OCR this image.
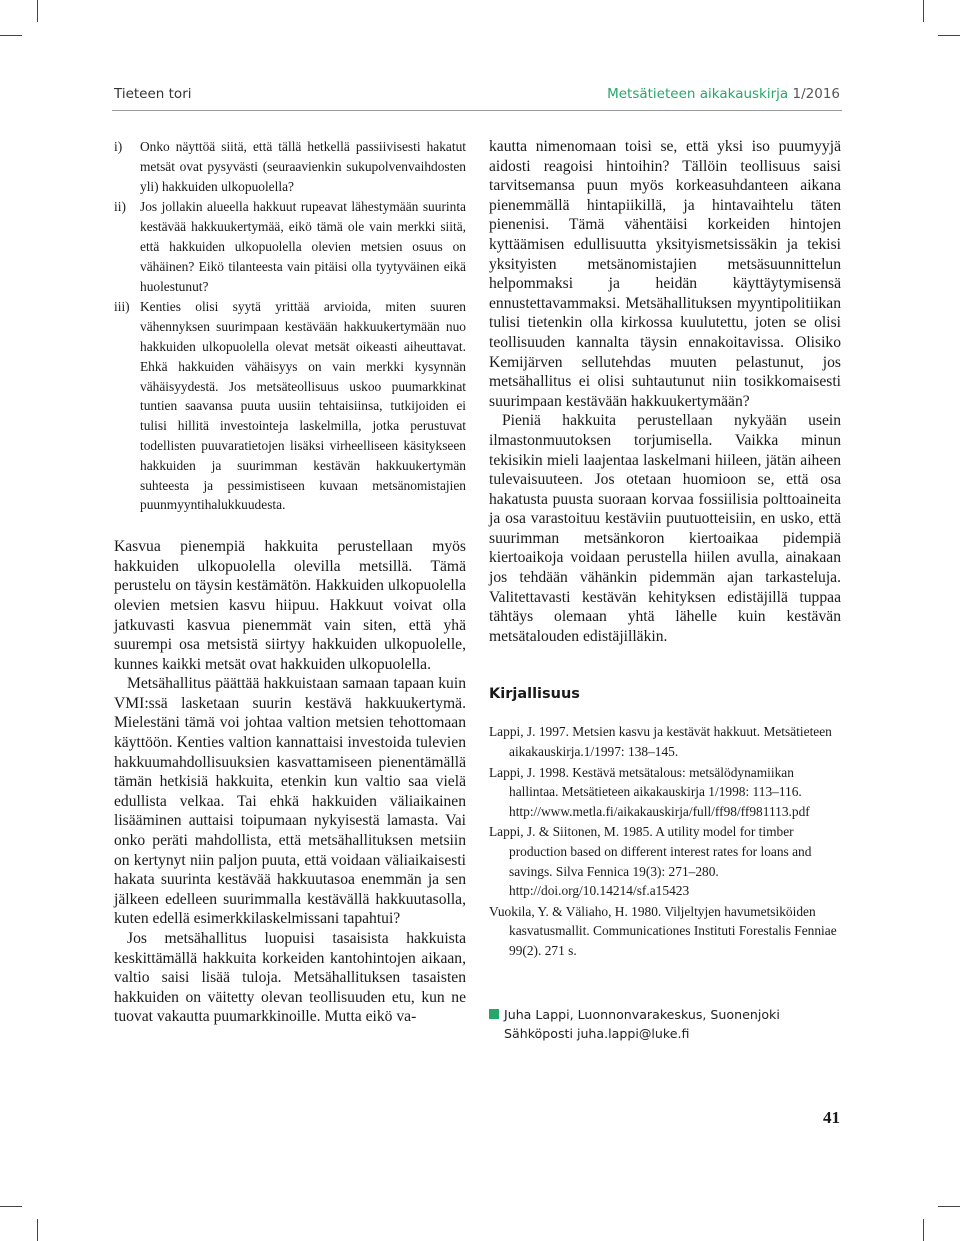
Tieteen tori	Metsätieteen aikakauskirja 1/2016
i) Onko näyttöä siitä, että tällä hetkellä passiivisesti hakatut metsät ovat pysyvästi (seuraavienkin sukupolvenvaihdosten yli) hakkuiden ulkopuolella?
ii) Jos jollakin alueella hakkuut rupeavat lähestymään suurinta kestävää hakkuukertymää, eikö tämä ole vain merkki siitä, että hakkuiden ulkopuolella olevien metsien osuus on vähäinen? Eikö tilanteesta vain pitäisi olla tyytyväinen eikä huolestunut?
iii) Kenties olisi syytä yrittää arvioida, miten suuren vähennyksen suurimpaan kestävään hakkuukertymään nuo hakkuiden ulkopuolella olevat metsät oikeasti aiheuttavat. Ehkä hakkuiden vähäisyys on vain merkki kysynnän vähäisyydestä. Jos metsäteollisuus uskoo puumarkkinat tuntien saavansa puuta uusiin tehtaisiinsa, tutkijoiden ei tulisi hillitä investointeja laskelmilla, jotka perustuvat todellisten puuvaratietojen lisäksi virheelliseen käsitykseen hakkuiden ja suurimman kestävän hakkuukertymän suhteesta ja pessimistiseen kuvaan metsänomistajien puunmyyntihalukkuudesta.

Kasvua pienempiä hakkuita perustellaan myös hakkuiden ulkopuolella olevilla metsillä. Tämä perustelu on täysin kestämätön. Hakkuiden ulkopuolella olevien metsien kasvu hiipuu. Hakkuut voivat olla jatkuvasti kasvua pienemmät vain siten, että yhä suurempi osa metsistä siirtyy hakkuiden ulkopuolelle, kunnes kaikki metsät ovat hakkuiden ulkopuolella.

Metsähallitus päättää hakkuistaan samaan tapaan kuin VMI:ssä lasketaan suurin kestävä hakkuukertymä. Mielestäni tämä voi johtaa valtion metsien tehottomaan käyttöön. Kenties valtion kannattaisi investoida tulevien hakkuumahdollisuuksien kasvattamiseen pienentämällä tämän hetkisiä hakkuita, etenkin kun valtio saa vielä edullista velkaa. Tai ehkä hakkuiden väliaikainen lisääminen auttaisi toipumaan nykyisestä lamasta. Vai onko peräti mahdollista, että metsähallituksen metsiin on kertynyt niin paljon puuta, että voidaan väliaikaisesti hakata suurinta kestävää hakkuutasoa enemmän ja sen jälkeen edelleen suurimmalla kestävällä hakkuutasolla, kuten edellä esimerkkilaskelmissani tapahtui?

Jos metsähallitus luopuisi tasaisista hakkuista keskittämällä hakkuita korkeiden kantohintojen aikaan, valtio saisi lisää tuloja. Metsähallituksen tasaisten hakkuiden on väitetty olevan teollisuuden etu, kun ne tuovat vakautta puumarkkinoille. Mutta eikö va-

kautta nimenomaan toisi se, että yksi iso puumyyjä aidosti reagoisi hintoihin? Tällöin teollisuus saisi tarvitsemansa puun myös korkeasuhdanteen aikana pienemmällä hintapiikillä, ja hintavaihtelu täten pienenisi. Tämä vähentäisi korkeiden hintojen kyttäämisen edullisuutta yksityismetsissäkin ja tekisi yksityisten metsänomistajien metsäsuunnittelun helpommaksi ja heidän käyttäytymisensä ennustettavammaksi. Metsähallituksen myyntipolitiikan tulisi tietenkin olla kirkossa kuulutettu, joten se olisi teollisuuden kannalta täysin ennakoitavissa. Olisiko Kemijärven sellutehdas muuten pelastunut, jos metsähallitus ei olisi suhtautunut niin tosikkomaisesti suurimpaan kestävään hakkuukertymään?

Pieniä hakkuita perustellaan nykyään usein ilmastonmuutoksen torjumisella. Vaikka minun tekisikin mieli laajentaa laskelmani hiileen, jätän aiheen tulevaisuuteen. Jos otetaan huomioon se, että osa hakatusta puusta suoraan korvaa fossiilisia polttoaineita ja osa varastoituu kestäviin puutuotteisiin, en usko, että suurimman metsänkoron kiertoaikaa pidempiä kiertoaikoja voidaan perustella hiilen avulla, ainakaan jos tehdään vähänkin pidemmän ajan tarkasteluja. Valitettavasti kestävän kehityksen edistäjillä tuppaa tähtäys olemaan yhtä lähelle kuin kestävän metsätalouden edistäjilläkin.

Kirjallisuus
Lappi, J. 1997. Metsien kasvu ja kestävät hakkuut. Metsätieteen aikakauskirja.1/1997: 138–145.
Lappi, J. 1998. Kestävä metsätalous: metsälödynamiikan hallintaa. Metsätieteen aikakauskirja 1/1998: 113–116. http://www.metla.fi/aikakauskirja/full/ff98/ff981113.pdf
Lappi, J. & Siitonen, M. 1985. A utility model for timber production based on different interest rates for loans and savings. Silva Fennica 19(3): 271–280. http://doi.org/10.14214/sf.a15423
Vuokila, Y. & Väliaho, H. 1980. Viljeltyjen havumetsiköiden kasvatusmallit. Communicationes Instituti Forestalis Fenniae 99(2). 271 s.
Juha Lappi, Luonnonvarakeskus, Suonenjoki
Sähköposti juha.lappi@luke.fi
41
